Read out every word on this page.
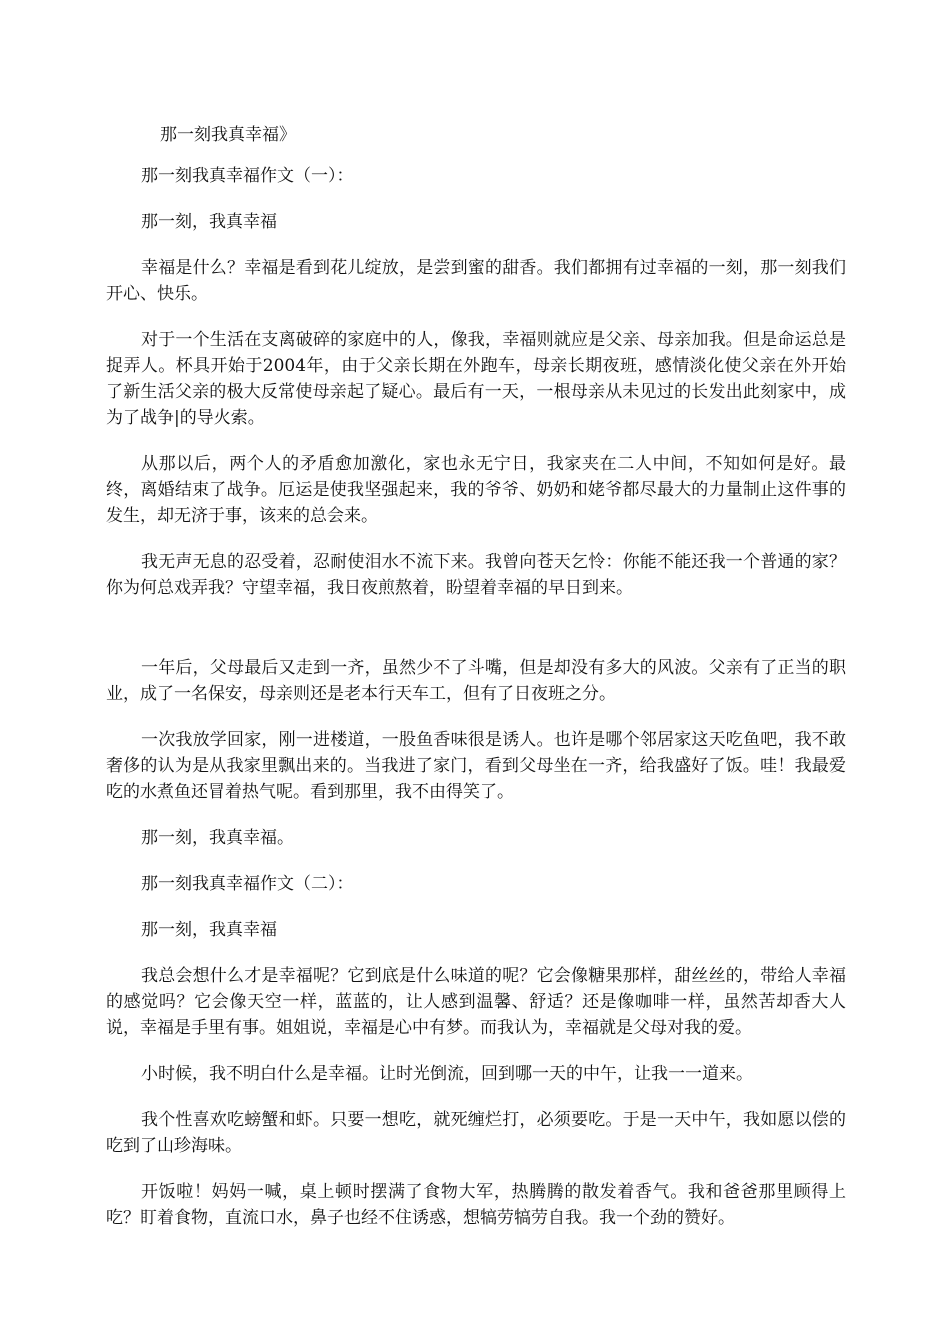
那一刻我真幸福》

那一刻我真幸福作文（一）：

那一刻，我真幸福

幸福是什么？幸福是看到花儿绽放，是尝到蜜的甜香。我们都拥有过幸福的一刻，那一刻我们开心、快乐。

对于一个生活在支离破碎的家庭中的人，像我，幸福则就应是父亲、母亲加我。但是命运总是捉弄人。杯具开始于2004年，由于父亲长期在外跑车，母亲长期夜班，感情淡化使父亲在外开始了新生活父亲的极大反常使母亲起了疑心。最后有一天，一根母亲从未见过的长发出此刻家中，成为了战争|的导火索。

从那以后，两个人的矛盾愈加激化，家也永无宁日，我家夹在二人中间，不知如何是好。最终，离婚结束了战争。厄运是使我坚强起来，我的爷爷、奶奶和姥爷都尽最大的力量制止这件事的发生，却无济于事，该来的总会来。

我无声无息的忍受着，忍耐使泪水不流下来。我曾向苍天乞怜：你能不能还我一个普通的家？你为何总戏弄我？守望幸福，我日夜煎熬着，盼望着幸福的早日到来。

一年后，父母最后又走到一齐，虽然少不了斗嘴，但是却没有多大的风波。父亲有了正当的职业，成了一名保安，母亲则还是老本行天车工，但有了日夜班之分。

一次我放学回家，刚一进楼道，一股鱼香味很是诱人。也许是哪个邻居家这天吃鱼吧，我不敢奢侈的认为是从我家里飘出来的。当我进了家门，看到父母坐在一齐，给我盛好了饭。哇！我最爱吃的水煮鱼还冒着热气呢。看到那里，我不由得笑了。

那一刻，我真幸福。

那一刻我真幸福作文（二）：

那一刻，我真幸福

我总会想什么才是幸福呢？它到底是什么味道的呢？它会像糖果那样，甜丝丝的，带给人幸福的感觉吗？它会像天空一样，蓝蓝的，让人感到温馨、舒适？还是像咖啡一样，虽然苦却香大人说，幸福是手里有事。姐姐说，幸福是心中有梦。而我认为，幸福就是父母对我的爱。

小时候，我不明白什么是幸福。让时光倒流，回到哪一天的中午，让我一一道来。

我个性喜欢吃螃蟹和虾。只要一想吃，就死缠烂打，必须要吃。于是一天中午，我如愿以偿的吃到了山珍海味。

开饭啦！妈妈一喊，桌上顿时摆满了食物大军，热腾腾的散发着香气。我和爸爸那里顾得上吃？盯着食物，直流口水，鼻子也经不住诱惑，想犒劳犒劳自我。我一个劲的赞好。
